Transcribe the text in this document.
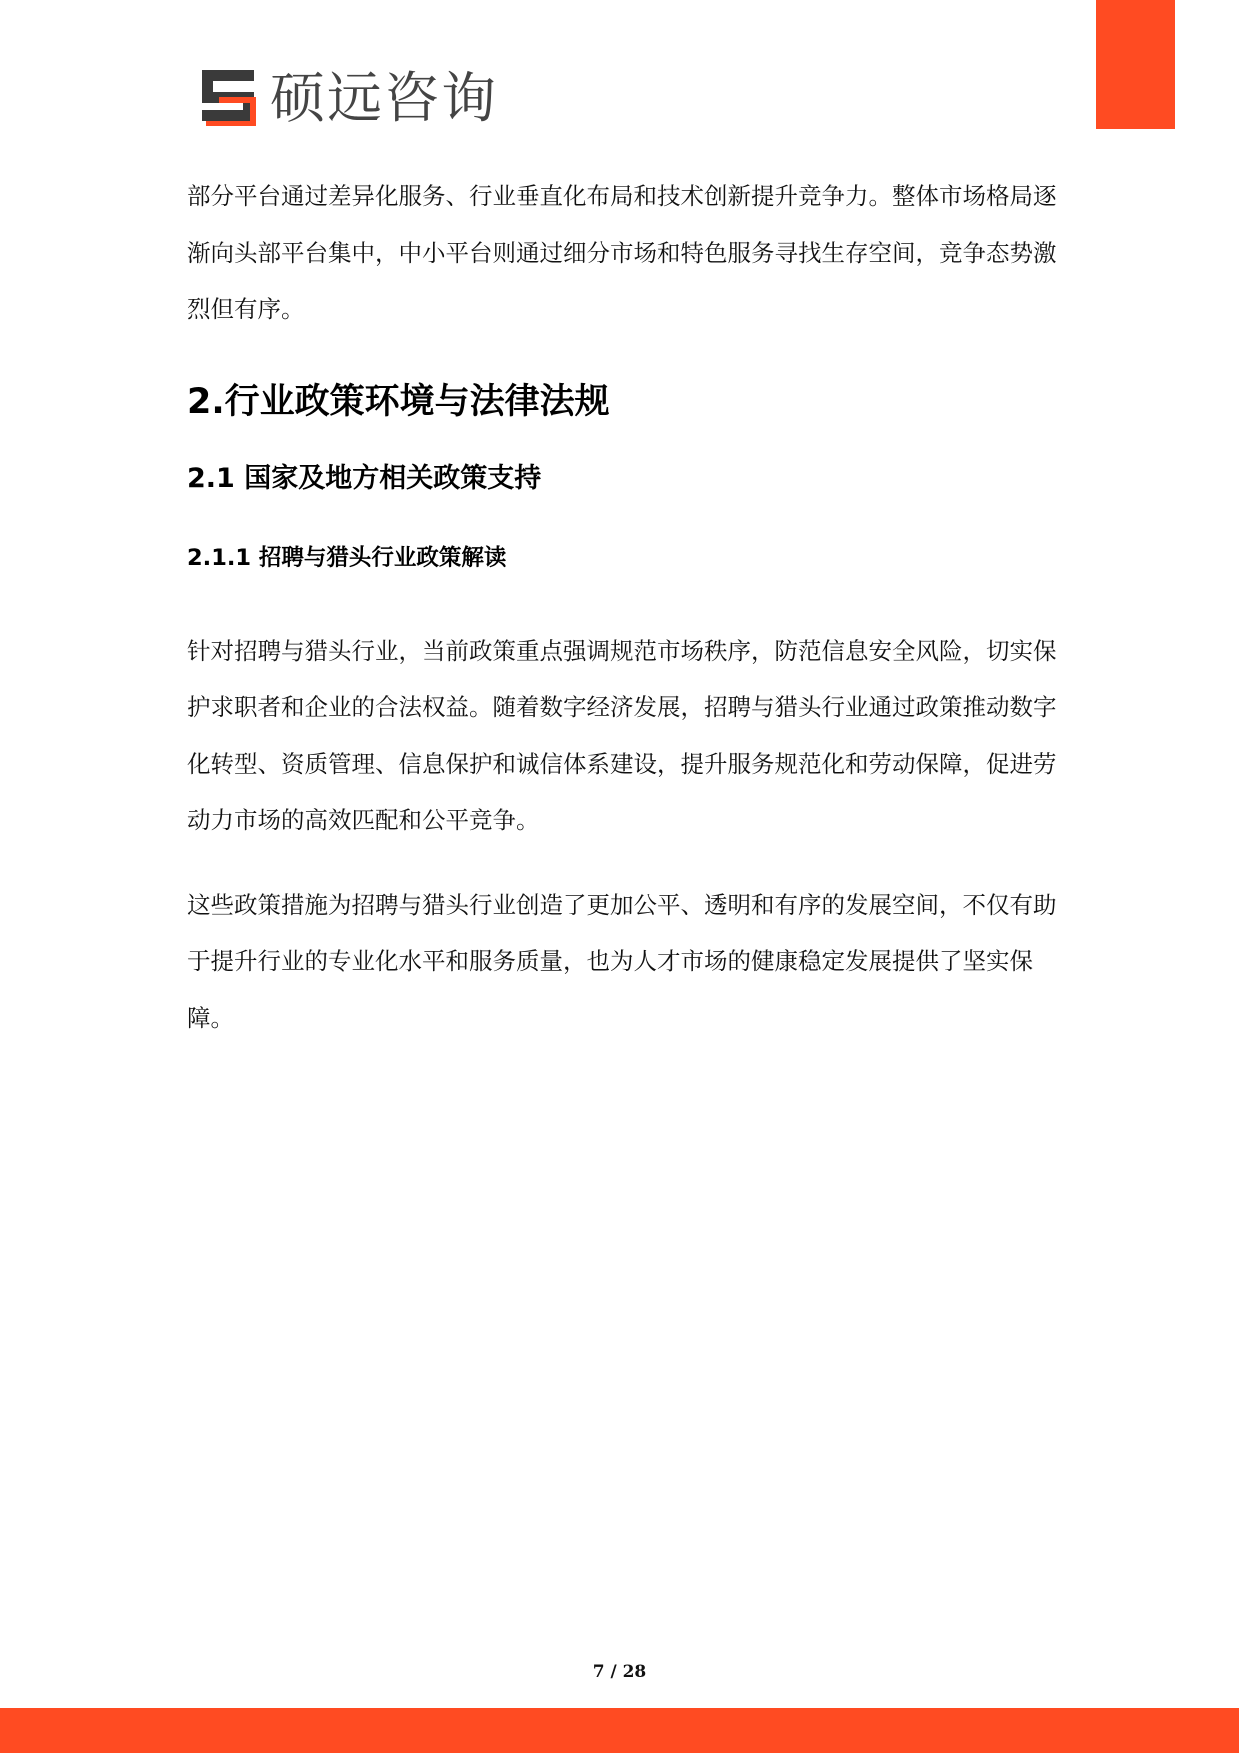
硕远咨询

部分平台通过差异化服务、行业垂直化布局和技术创新提升竞争力。整体市场格局逐渐向头部平台集中，中小平台则通过细分市场和特色服务寻找生存空间，竞争态势激烈但有序。

2.行业政策环境与法律法规
2.1 国家及地方相关政策支持
2.1.1 招聘与猎头行业政策解读

针对招聘与猎头行业，当前政策重点强调规范市场秩序，防范信息安全风险，切实保护求职者和企业的合法权益。随着数字经济发展，招聘与猎头行业通过政策推动数字化转型、资质管理、信息保护和诚信体系建设，提升服务规范化和劳动保障，促进劳动力市场的高效匹配和公平竞争。

这些政策措施为招聘与猎头行业创造了更加公平、透明和有序的发展空间，不仅有助于提升行业的专业化水平和服务质量，也为人才市场的健康稳定发展提供了坚实保障。

7 / 28
